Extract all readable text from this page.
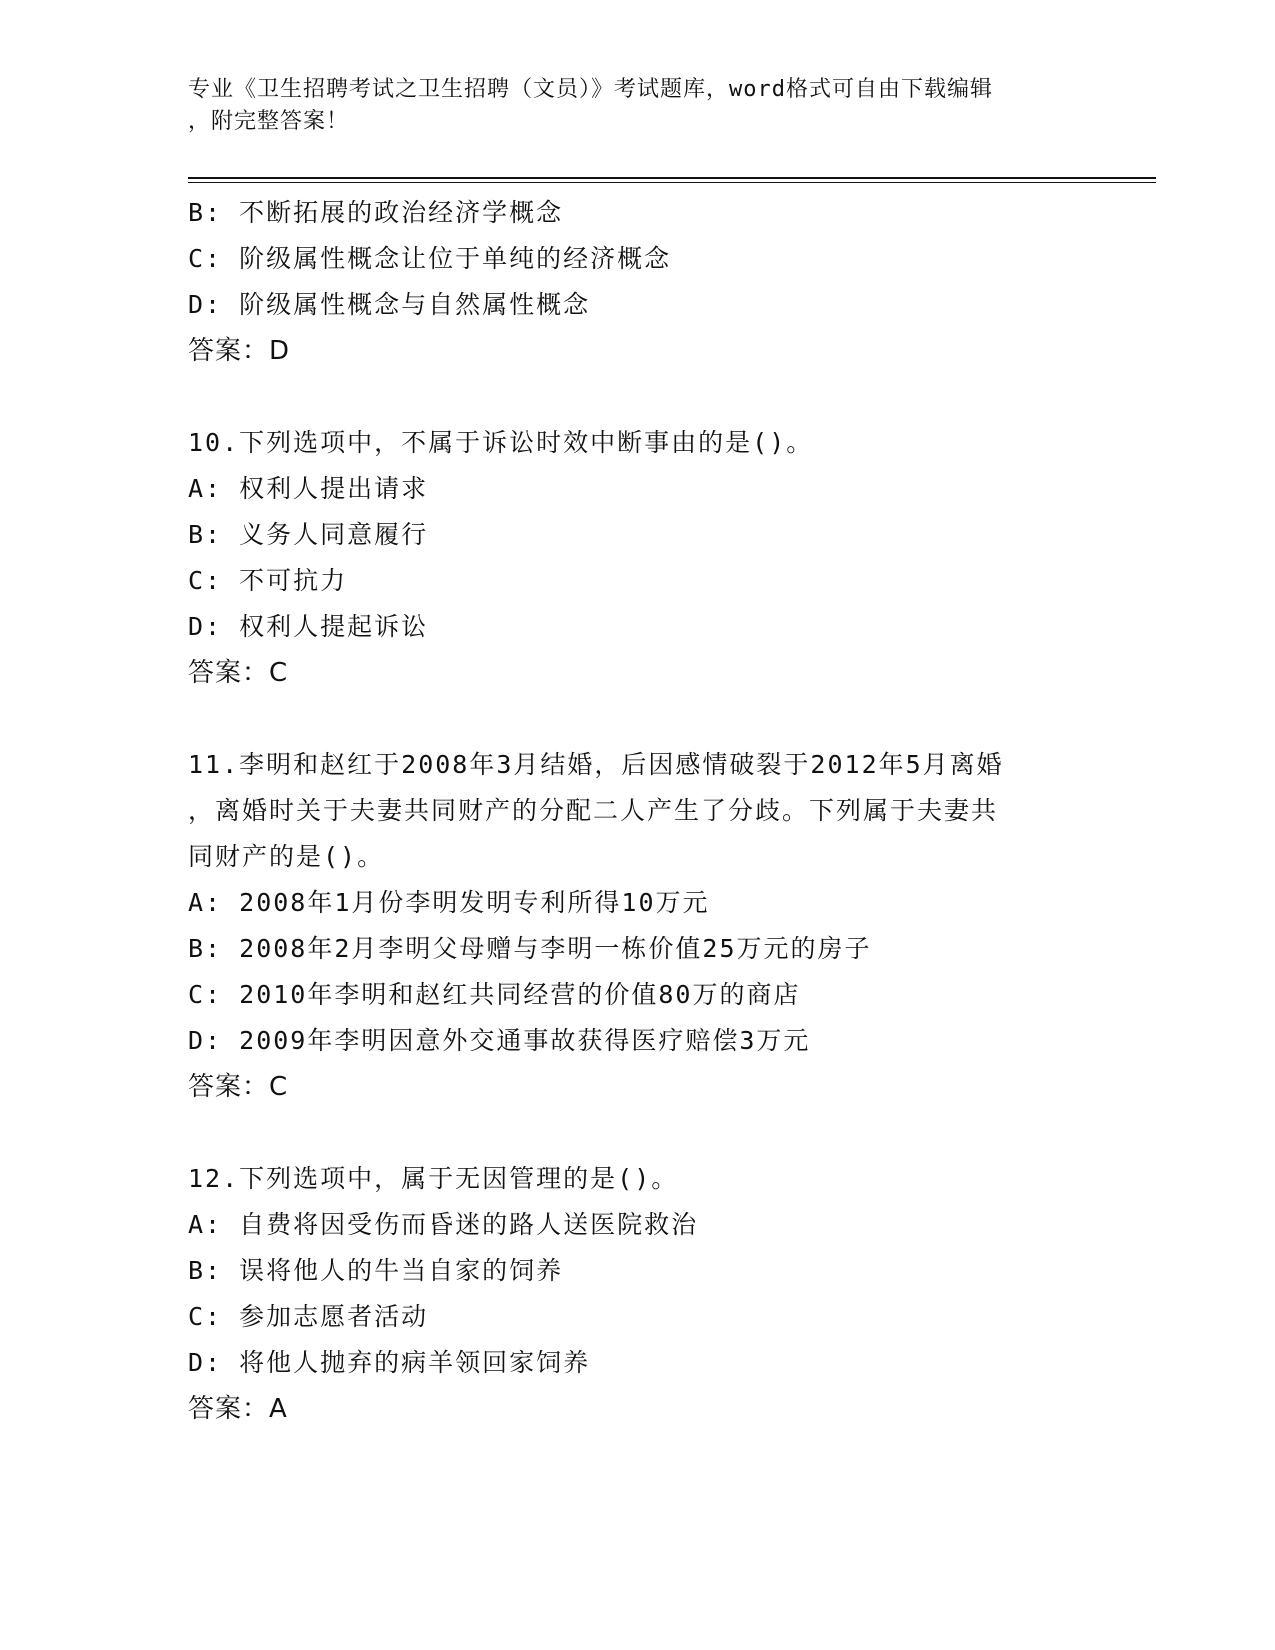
专业《卫生招聘考试之卫生招聘（文员）》考试题库，word格式可自由下载编辑
，附完整答案！
B: 不断拓展的政治经济学概念
C: 阶级属性概念让位于单纯的经济概念
D: 阶级属性概念与自然属性概念
答案：D
10.下列选项中，不属于诉讼时效中断事由的是()。
A: 权利人提出请求
B: 义务人同意履行
C: 不可抗力
D: 权利人提起诉讼
答案：C
11.李明和赵红于2008年3月结婚，后因感情破裂于2012年5月离婚
，离婚时关于夫妻共同财产的分配二人产生了分歧。下列属于夫妻共
同财产的是()。
A: 2008年1月份李明发明专利所得10万元
B: 2008年2月李明父母赠与李明一栋价值25万元的房子
C: 2010年李明和赵红共同经营的价值80万的商店
D: 2009年李明因意外交通事故获得医疗赔偿3万元
答案：C
12.下列选项中，属于无因管理的是()。
A: 自费将因受伤而昏迷的路人送医院救治
B: 误将他人的牛当自家的饲养
C: 参加志愿者活动
D: 将他人抛弃的病羊领回家饲养
答案：A
